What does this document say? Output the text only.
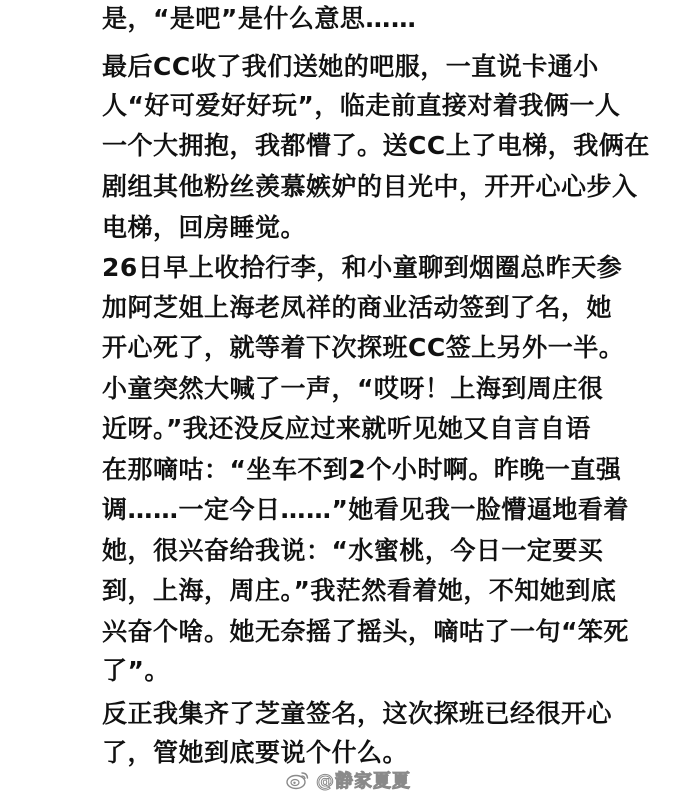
是，“是吧”是什么意思……
最后CC收了我们送她的吧服，一直说卡通小
人“好可爱好好玩”，临走前直接对着我俩一人
一个大拥抱，我都懵了。送CC上了电梯，我俩在
剧组其他粉丝羡慕嫉妒的目光中，开开心心步入
电梯，回房睡觉。
26日早上收拾行李，和小童聊到烟圈总昨天参
加阿芝姐上海老凤祥的商业活动签到了名，她
开心死了，就等着下次探班CC签上另外一半。
小童突然大喊了一声，“哎呀！上海到周庄很
近呀。”我还没反应过来就听见她又自言自语
在那嘀咕：“坐车不到2个小时啊。昨晚一直强
调……一定今日……”她看见我一脸懵逼地看着
她，很兴奋给我说：“水蜜桃，今日一定要买
到，上海，周庄。”我茫然看着她，不知她到底
兴奋个啥。她无奈摇了摇头，嘀咕了一句“笨死
了”。
反正我集齐了芝童签名，这次探班已经很开心
了，管她到底要说个什么。
@静家夏夏
